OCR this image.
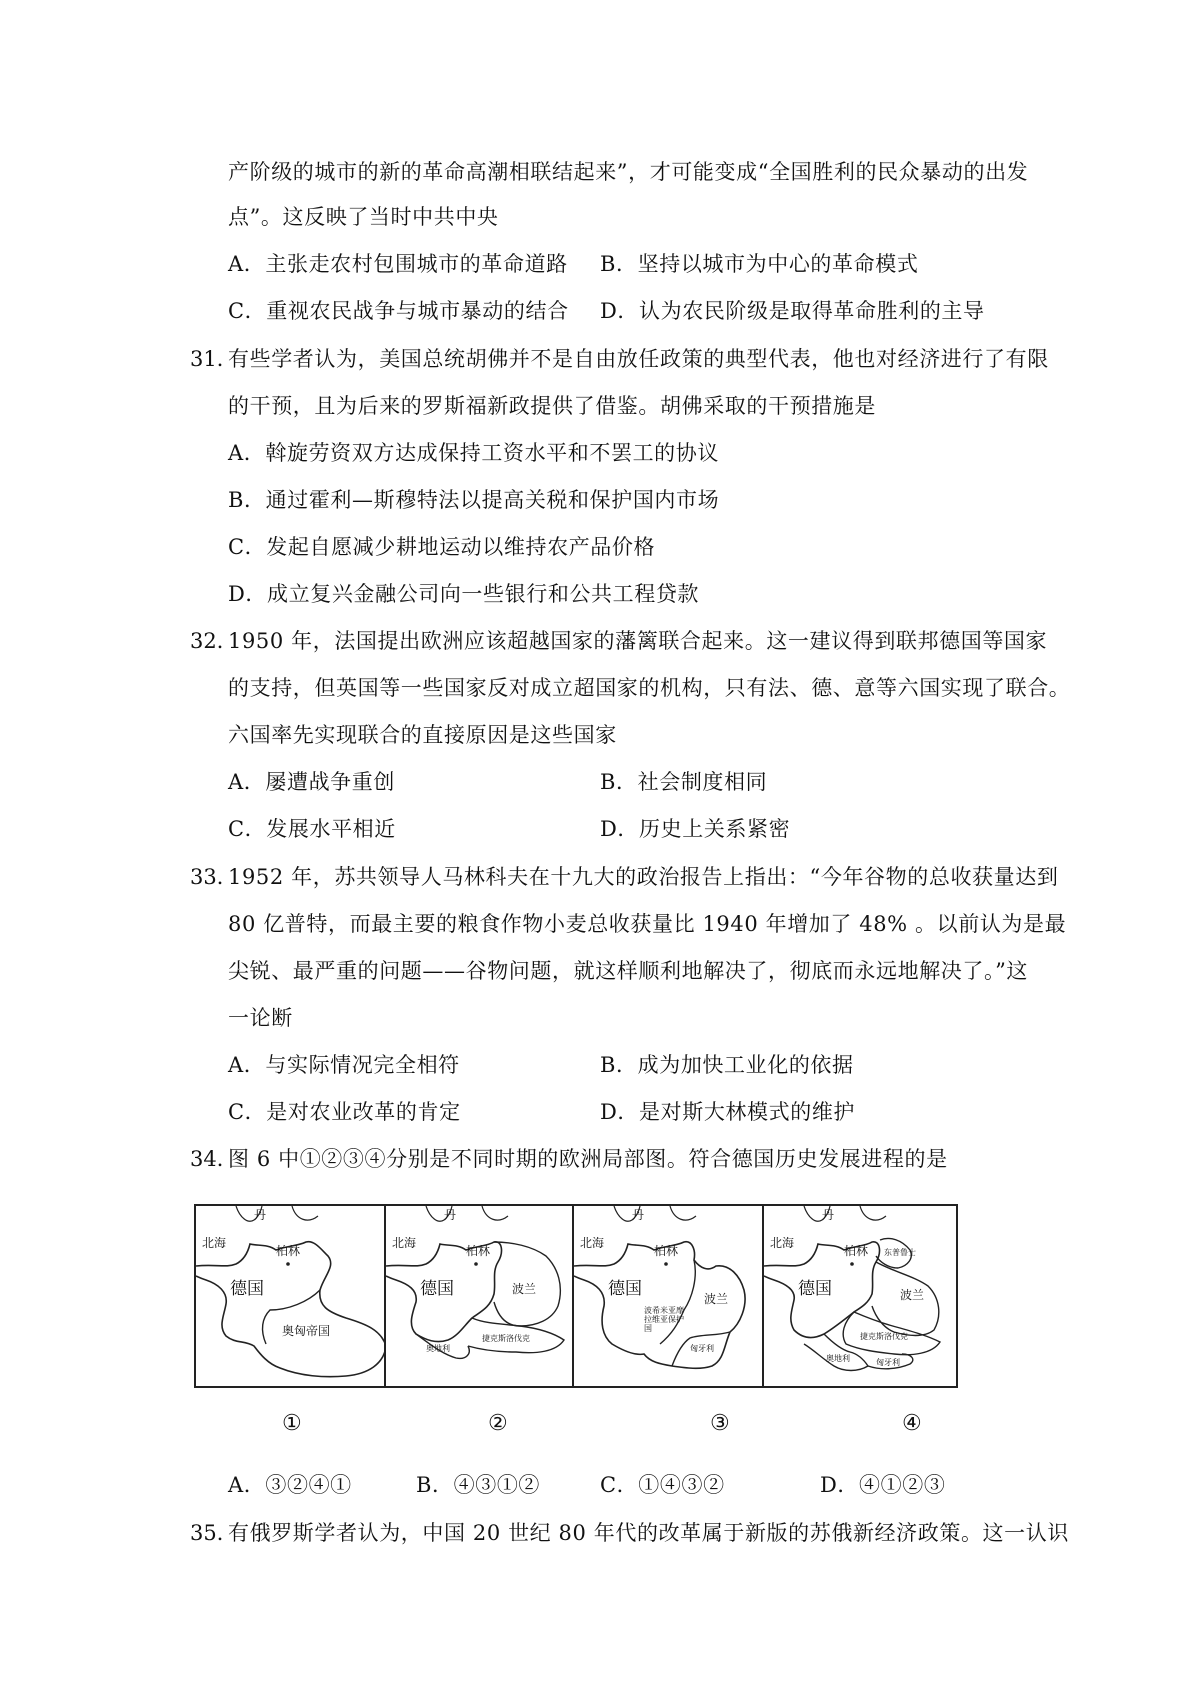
产阶级的城市的新的革命高潮相联结起来”，才可能变成“全国胜利的民众暴动的出发
点”。这反映了当时中共中央
A．主张走农村包围城市的革命道路 B．坚持以城市为中心的革命模式
C．重视农民战争与城市暴动的结合 D．认为农民阶级是取得革命胜利的主导
31．
有些学者认为，美国总统胡佛并不是自由放任政策的典型代表，他也对经济进行了有限
的干预，且为后来的罗斯福新政提供了借鉴。胡佛采取的干预措施是
A．斡旋劳资双方达成保持工资水平和不罢工的协议
B．通过霍利—斯穆特法以提高关税和保护国内市场
C．发起自愿减少耕地运动以维持农产品价格
D．成立复兴金融公司向一些银行和公共工程贷款
32．
1950 年，法国提出欧洲应该超越国家的藩篱联合起来。这一建议得到联邦德国等国家
的支持，但英国等一些国家反对成立超国家的机构，只有法、德、意等六国实现了联合。
六国率先实现联合的直接原因是这些国家
A．屡遭战争重创	B．社会制度相同
C．发展水平相近	D．历史上关系紧密
33．
1952 年，苏共领导人马林科夫在十九大的政治报告上指出：“今年谷物的总收获量达到
80 亿普特，而最主要的粮食作物小麦总收获量比 1940 年增加了 48% 。以前认为是最
尖锐、最严重的问题——谷物问题，就这样顺利地解决了，彻底而永远地解决了。”这
一论断
A．与实际情况完全相符	B．成为加快工业化的依据
C．是对农业改革的肯定	D．是对斯大林模式的维护
34．
图 6 中①②③④分别是不同时期的欧洲局部图。符合德国历史发展进程的是
丹
北海
柏林
德国
奥匈帝国
丹
北海
柏林
德国	波兰
奥地利
捷克斯洛伐克
丹
北海
柏林
德国	波兰
波希米亚摩拉维亚保护国
匈牙利
丹
北海
柏林
德国
东普鲁士
波兰
捷克斯洛伐克
奥地利	匈牙利
①	②	③	④
A．③②④①	B．④③①②	C．①④③②	D．④①②③
35．
有俄罗斯学者认为，中国 20 世纪 80 年代的改革属于新版的苏俄新经济政策。这一认识
